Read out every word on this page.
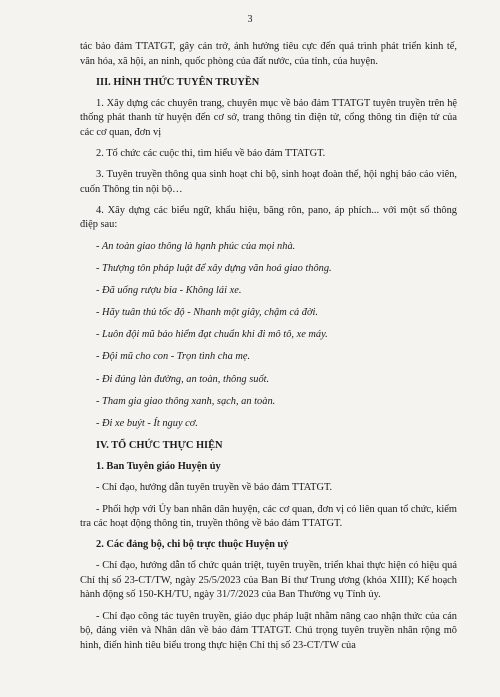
3

tác bảo đảm TTATGT, gây cản trở, ảnh hưởng tiêu cực đến quá trình phát triển kinh tế, văn hóa, xã hội, an ninh, quốc phòng của đất nước, của tỉnh, của huyện.

III. HÌNH THỨC TUYÊN TRUYỀN

1. Xây dựng các chuyên trang, chuyên mục về bảo đảm TTATGT tuyên truyền trên hệ thống phát thanh từ huyện đến cơ sở, trang thông tin điện tử, cổng thông tin điện tử của các cơ quan, đơn vị

2. Tổ chức các cuộc thi, tìm hiểu về bảo đảm TTATGT.

3. Tuyên truyền thông qua sinh hoạt chi bộ, sinh hoạt đoàn thể, hội nghị báo cáo viên, cuốn Thông tin nội bộ…

4. Xây dựng các biểu ngữ, khẩu hiệu, băng rôn, pano, áp phích... với một số thông điệp sau:

- An toàn giao thông là hạnh phúc của mọi nhà.
- Thượng tôn pháp luật để xây dựng văn hoá giao thông.
- Đã uống rượu bia - Không lái xe.
- Hãy tuân thủ tốc độ - Nhanh một giây, chậm cả đời.
- Luôn đội mũ bảo hiểm đạt chuẩn khi đi mô tô, xe máy.
- Đội mũ cho con - Trọn tình cha mẹ.
- Đi đúng làn đường, an toàn, thông suốt.
- Tham gia giao thông xanh, sạch, an toàn.
- Đi xe buýt - Ít nguy cơ.
IV. TỔ CHỨC THỰC HIỆN
1. Ban Tuyên giáo Huyện ủy

- Chỉ đạo, hướng dẫn tuyên truyền về bảo đảm TTATGT.

- Phối hợp với Ủy ban nhân dân huyện, các cơ quan, đơn vị có liên quan tổ chức, kiểm tra các hoạt động thông tin, truyền thông về bảo đảm TTATGT.

2. Các đảng bộ, chi bộ trực thuộc Huyện uỷ

- Chỉ đạo, hướng dẫn tổ chức quán triệt, tuyên truyền, triển khai thực hiện có hiệu quả Chỉ thị số 23-CT/TW, ngày 25/5/2023 của Ban Bí thư Trung ương (khóa XIII); Kế hoạch hành động số 150-KH/TU, ngày 31/7/2023 của Ban Thường vụ Tỉnh ủy.

- Chỉ đạo công tác tuyên truyền, giáo dục pháp luật nhằm nâng cao nhận thức của cán bộ, đảng viên và Nhân dân về bảo đảm TTATGT. Chú trọng tuyên truyền nhân rộng mô hình, điển hình tiêu biểu trong thực hiện Chỉ thị số 23-CT/TW của
